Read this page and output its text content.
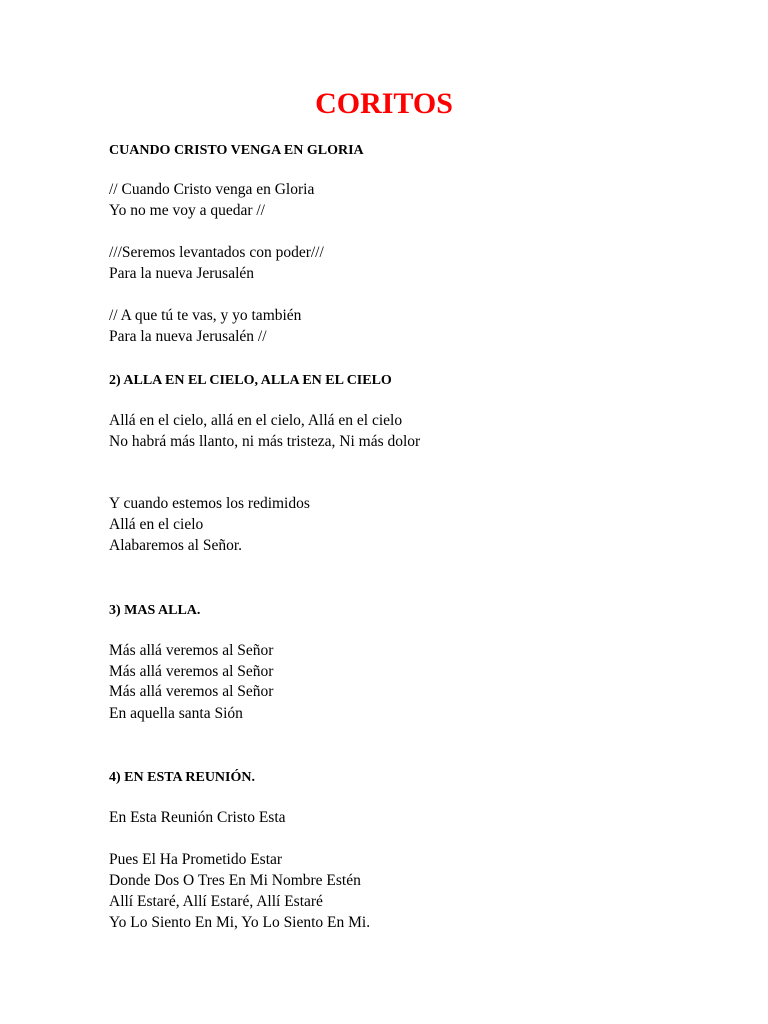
CORITOS

CUANDO CRISTO VENGA EN GLORIA

// Cuando Cristo venga en Gloria

Yo no me voy a quedar //

///Seremos levantados con poder///

Para la nueva Jerusalén

// A que tú te vas, y yo también

Para la nueva Jerusalén //

2) ALLA EN EL CIELO, ALLA EN EL CIELO

Allá en el cielo, allá en el cielo, Allá en el cielo

No habrá más llanto, ni más tristeza, Ni más dolor

Y cuando estemos los redimidos

Allá en el cielo

Alabaremos al Señor.

3) MAS ALLA.

Más allá veremos al Señor

Más allá veremos al Señor

Más allá veremos al Señor

En aquella santa Sión

4) EN ESTA REUNIÓN.

En Esta Reunión Cristo Esta

Pues El Ha Prometido Estar

Donde Dos O Tres En Mi Nombre Estén

Allí Estaré, Allí Estaré, Allí Estaré

Yo Lo Siento En Mi, Yo Lo Siento En Mi.
